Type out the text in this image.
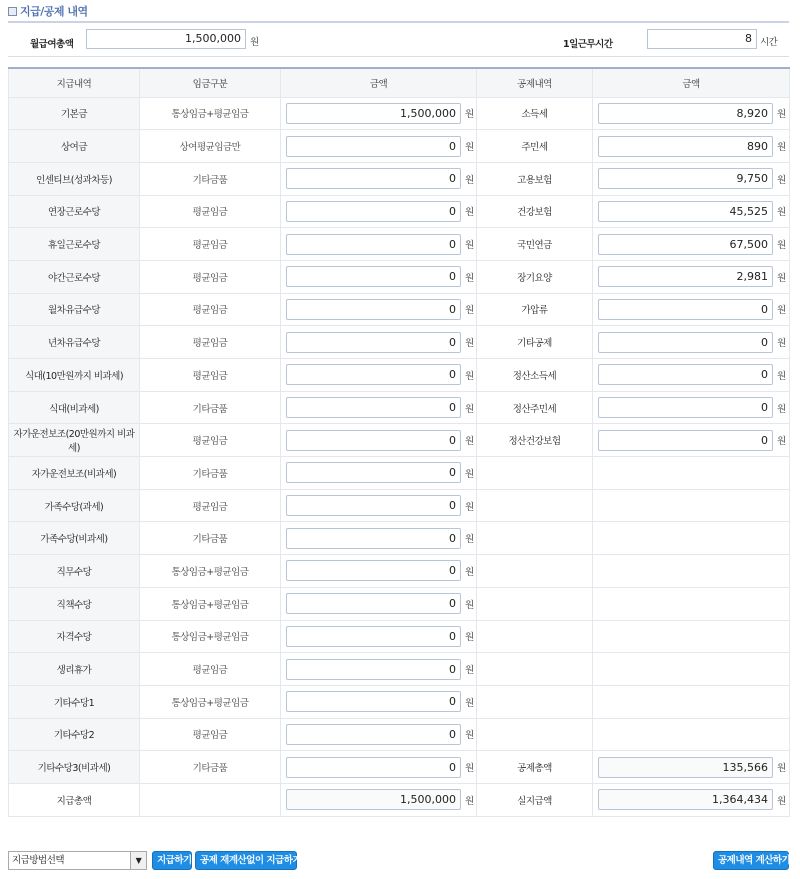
지급/공제 내역
월급여총액	1,500,000 원	1일근무시간	8 시간
지급내역	임금구분	금액	공제내역	금액
기본금	통상임금+평균임금	1,500,000 원	소득세	8,920 원

상여금	상여평균임금만	0 원	주민세	890 원

인센티브(성과차등)	기타금품	0 원	고용보험	9,750 원

연장근로수당	평균임금	0 원	건강보험	45,525 원

휴일근로수당	평균임금	0 원	국민연금	67,500 원

야간근로수당	평균임금	0 원	장기요양	2,981 원

월차유급수당	평균임금	0 원	가압류	0 원

년차유급수당	평균임금	0 원	기타공제	0 원

식대(10만원까지 비과세)	평균임금	0 원	정산소득세	0 원

식대(비과세)	기타금품	0 원	정산주민세	0 원

자가운전보조(20만원까지 비과세)	평균임금	0 원	정산건강보험	0 원

자가운전보조(비과세)	기타금품	0 원		

가족수당(과세)	평균임금	0 원		

가족수당(비과세)	기타금품	0 원		

직무수당	통상임금+평균임금	0 원		

직책수당	통상임금+평균임금	0 원		

자격수당	통상임금+평균임금	0 원		

생리휴가	평균임금	0 원		

기타수당1	통상임금+평균임금	0 원		

기타수당2	평균임금	0 원		

기타수당3(비과세)	기타금품	0 원	공제총액	135,566 원

지급총액		1,500,000 원	실지급액	1,364,434 원
지급방법선택	▼	지급하기 공제 재계산없이 지급하기	공제내역 계산하기
